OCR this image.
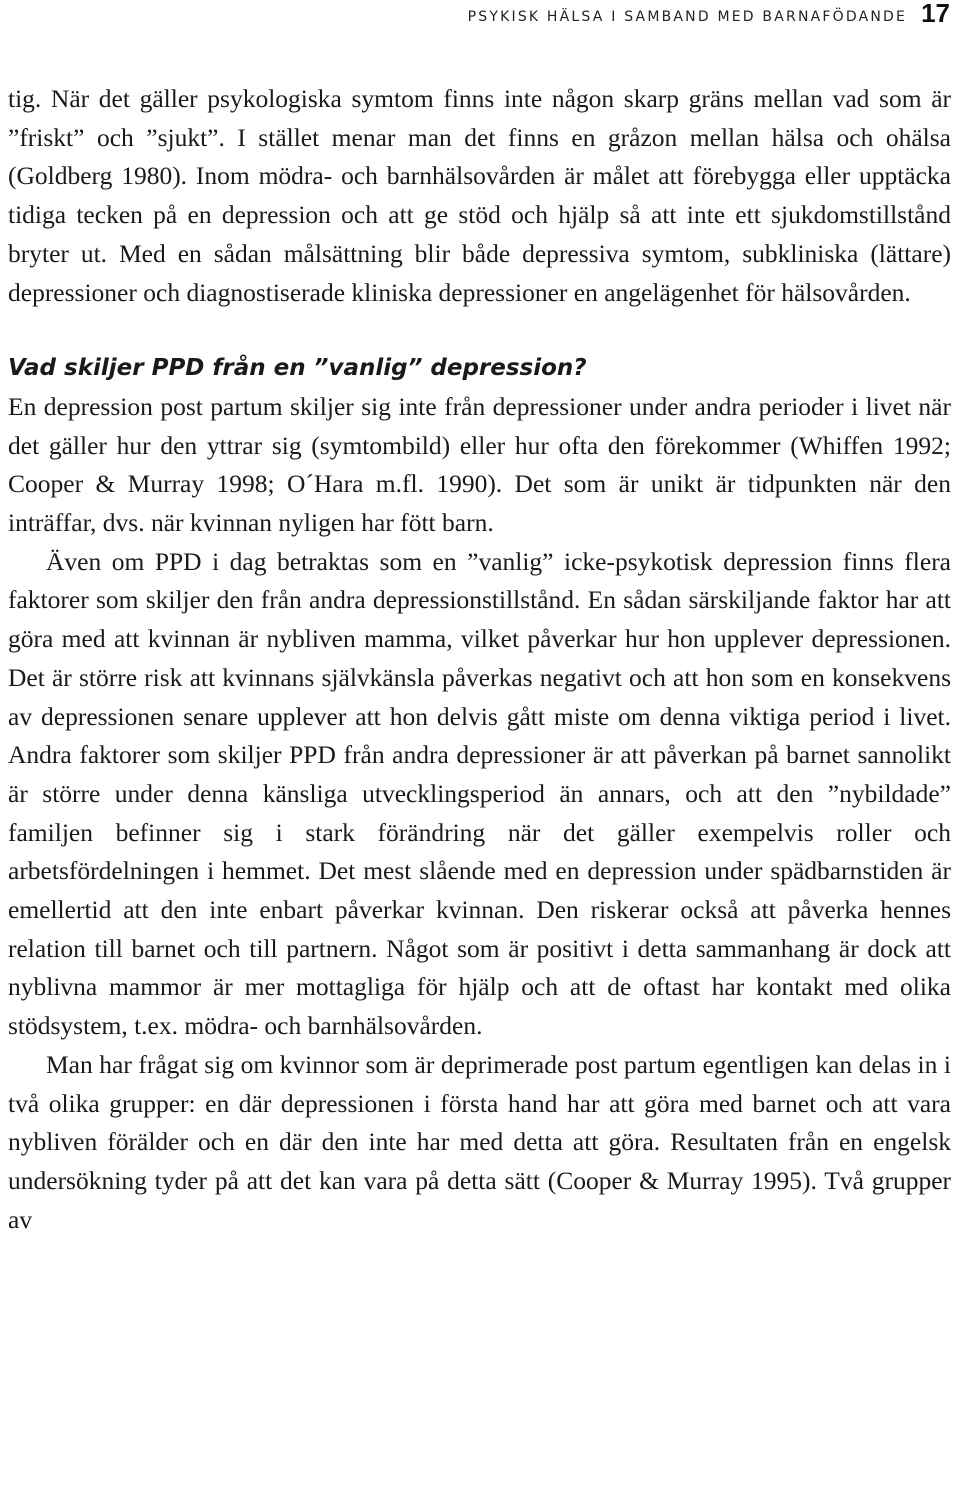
PSYKISK HÄLSA I SAMBAND MED BARNAFÖDANDE 17

tig. När det gäller psykologiska symtom finns inte någon skarp gräns mellan vad som är ”friskt” och ”sjukt”. I stället menar man det finns en gråzon mellan hälsa och ohälsa (Goldberg 1980). Inom mödra- och barnhälsovården är målet att förebygga eller upptäcka tidiga tecken på en depression och att ge stöd och hjälp så att inte ett sjukdomstillstånd bryter ut. Med en sådan målsättning blir både depressiva symtom, subkliniska (lättare) depressioner och diagnostiserade kliniska depressioner en angelägenhet för hälsovården.

Vad skiljer PPD från en ”vanlig” depression?

En depression post partum skiljer sig inte från depressioner under andra perioder i livet när det gäller hur den yttrar sig (symtombild) eller hur ofta den förekommer (Whiffen 1992; Cooper & Murray 1998; O´Hara m.fl. 1990). Det som är unikt är tidpunkten när den inträffar, dvs. när kvinnan nyligen har fött barn.

Även om PPD i dag betraktas som en ”vanlig” icke-psykotisk depression finns flera faktorer som skiljer den från andra depressionstillstånd. En sådan särskiljande faktor har att göra med att kvinnan är nybliven mamma, vilket påverkar hur hon upplever depressionen. Det är större risk att kvinnans självkänsla påverkas negativt och att hon som en konsekvens av depressionen senare upplever att hon delvis gått miste om denna viktiga period i livet. Andra faktorer som skiljer PPD från andra depressioner är att påverkan på barnet sannolikt är större under denna känsliga utvecklingsperiod än annars, och att den ”nybildade” familjen befinner sig i stark förändring när det gäller exempelvis roller och arbetsfördelningen i hemmet. Det mest slående med en depression under spädbarnstiden är emellertid att den inte enbart påverkar kvinnan. Den riskerar också att påverka hennes relation till barnet och till partnern. Något som är positivt i detta sammanhang är dock att nyblivna mammor är mer mottagliga för hjälp och att de oftast har kontakt med olika stödsystem, t.ex. mödra- och barnhälsovården.

Man har frågat sig om kvinnor som är deprimerade post partum egentligen kan delas in i två olika grupper: en där depressionen i första hand har att göra med barnet och att vara nybliven förälder och en där den inte har med detta att göra. Resultaten från en engelsk undersökning tyder på att det kan vara på detta sätt (Cooper & Murray 1995). Två grupper av
